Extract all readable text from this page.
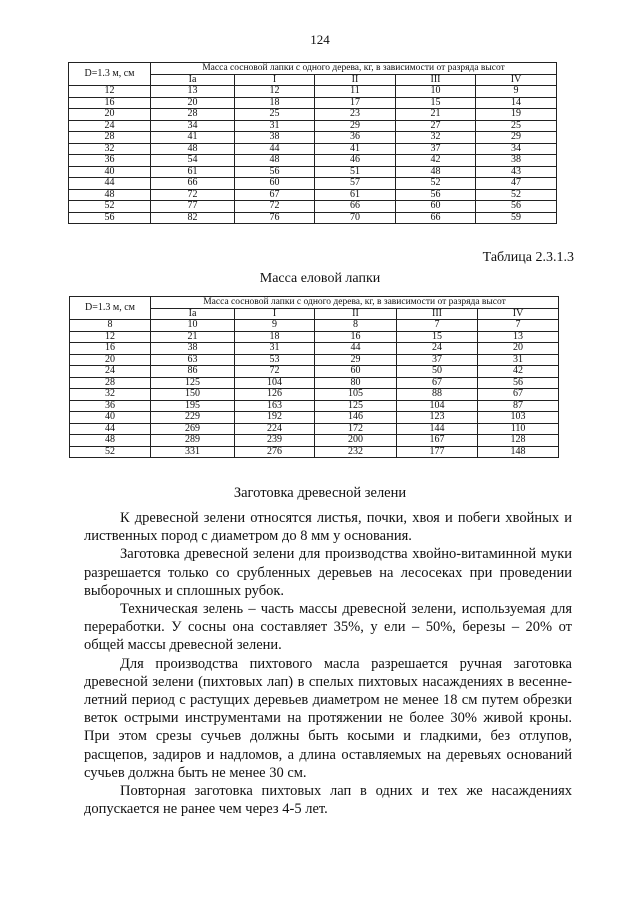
124
D=1.3 м, см	Масса сосновой лапки с одного дерева, кг, в зависимости от разряда высот				
	Ia	I	II	III	IV
12	13	12	11	10	9
16	20	18	17	15	14
20	28	25	23	21	19
24	34	31	29	27	25
28	41	38	36	32	29
32	48	44	41	37	34
36	54	48	46	42	38
40	61	56	51	48	43
44	66	60	57	52	47
48	72	67	61	56	52
52	77	72	66	60	56
56	82	76	70	66	59
Таблица 2.3.1.3
Масса еловой лапки
D=1.3 м, см	Масса сосновой лапки с одного дерева, кг, в зависимости от разряда высот				
	Ia	I	II	III	IV
8	10	9	8	7	7
12	21	18	16	15	13
16	38	31	44	24	20
20	63	53	29	37	31
24	86	72	60	50	42
28	125	104	80	67	56
32	150	126	105	88	67
36	195	163	125	104	87
40	229	192	146	123	103
44	269	224	172	144	110
48	289	239	200	167	128
52	331	276	232	177	148
Заготовка древесной зелени

К древесной зелени относятся листья, почки, хвоя и побеги хвойных и лиственных пород с диаметром до 8 мм у основания.

Заготовка древесной зелени для производства хвойно-витаминной муки разрешается только со срубленных деревьев на лесосеках при проведении выборочных и сплошных рубок.

Техническая зелень – часть массы древесной зелени, используемая для переработки. У сосны она составляет 35%, у ели – 50%, березы – 20% от общей массы древесной зелени.

Для производства пихтового масла разрешается ручная заготовка древесной зелени (пихтовых лап) в спелых пихтовых насаждениях в весенне-летний период с растущих деревьев диаметром не менее 18 см путем обрезки веток острыми инструментами на протяжении не более 30% живой кроны. При этом срезы сучьев должны быть косыми и гладкими, без отлупов, расщепов, задиров и надломов, а длина оставляемых на деревьях оснований сучьев должна быть не менее 30 см.

Повторная заготовка пихтовых лап в одних и тех же насаждениях допускается не ранее чем через 4-5 лет.
